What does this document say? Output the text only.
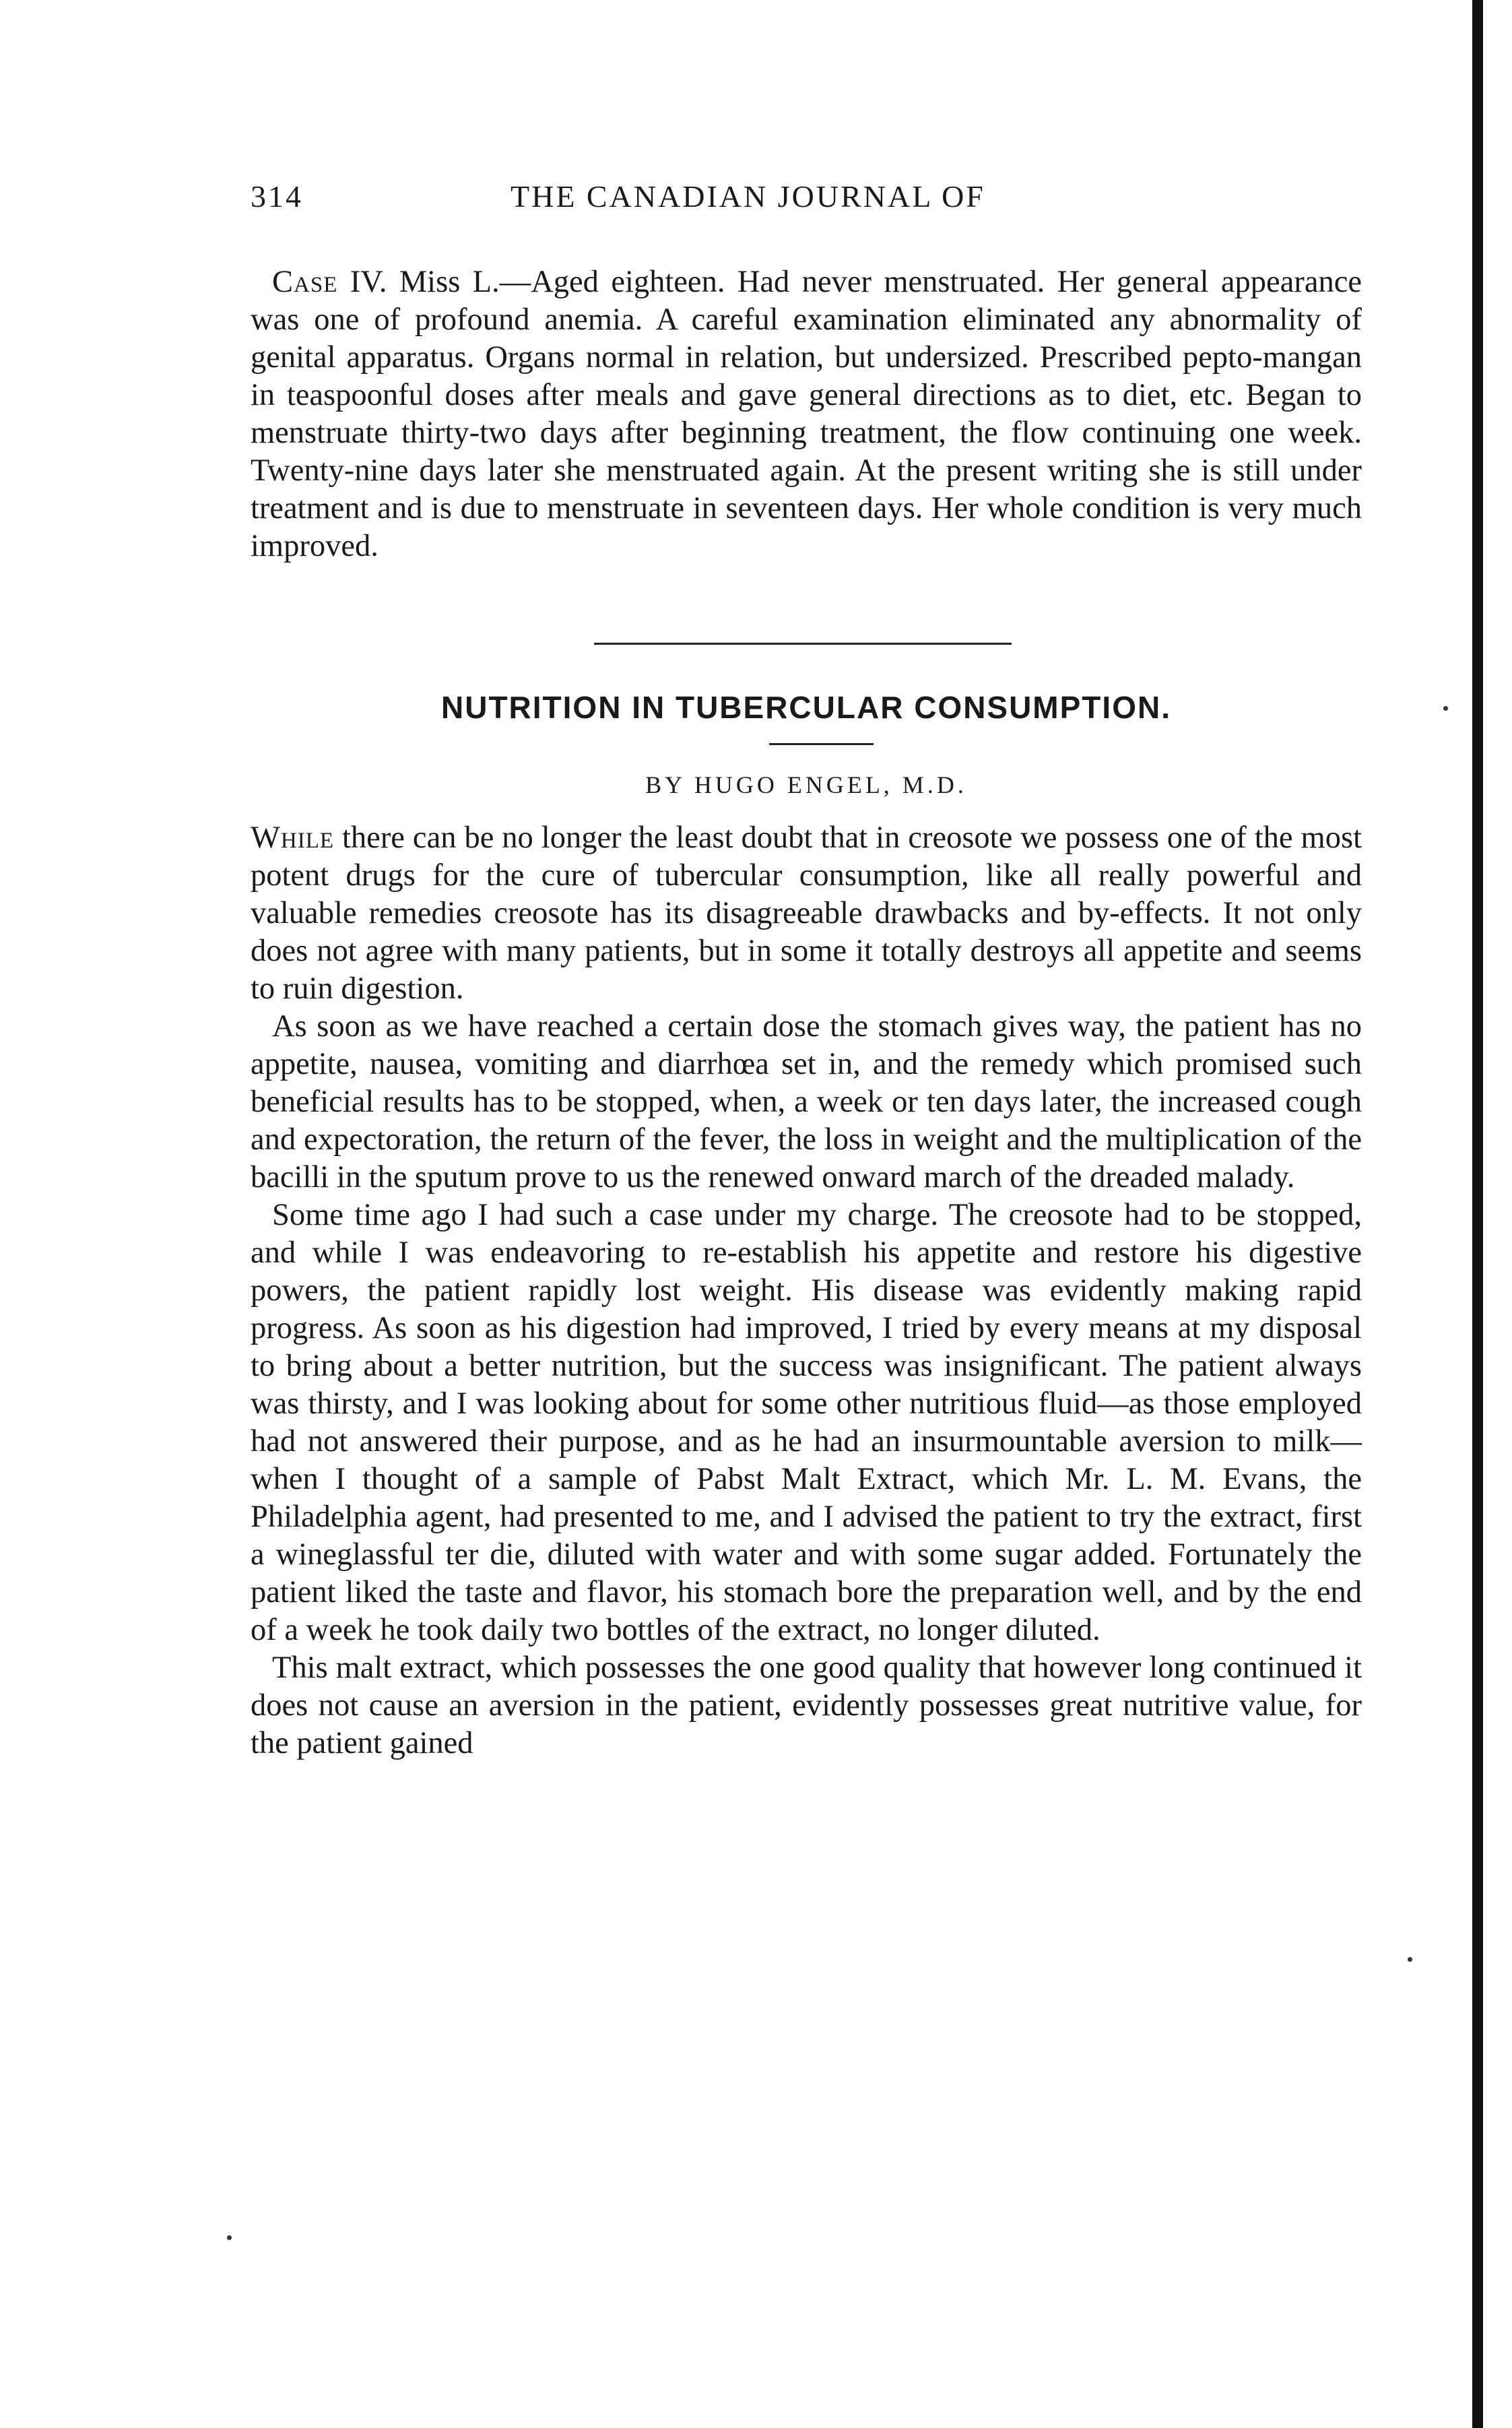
314	THE CANADIAN JOURNAL OF

Case IV. Miss L.—Aged eighteen. Had never menstruated. Her general appearance was one of profound anemia. A careful examination eliminated any abnormality of genital apparatus. Organs normal in relation, but undersized. Prescribed pepto-mangan in teaspoonful doses after meals and gave general directions as to diet, etc. Began to menstruate thirty-two days after beginning treatment, the flow continuing one week. Twenty-nine days later she menstruated again. At the present writing she is still under treatment and is due to menstruate in seventeen days. Her whole condition is very much improved.

NUTRITION IN TUBERCULAR CONSUMPTION.
BY HUGO ENGEL, M.D.

While there can be no longer the least doubt that in creosote we possess one of the most potent drugs for the cure of tubercular consumption, like all really powerful and valuable remedies creosote has its disagreeable drawbacks and by-effects. It not only does not agree with many patients, but in some it totally destroys all appetite and seems to ruin digestion.

As soon as we have reached a certain dose the stomach gives way, the patient has no appetite, nausea, vomiting and diarrhœa set in, and the remedy which promised such beneficial results has to be stopped, when, a week or ten days later, the increased cough and expectoration, the return of the fever, the loss in weight and the multiplication of the bacilli in the sputum prove to us the renewed onward march of the dreaded malady.

Some time ago I had such a case under my charge. The creosote had to be stopped, and while I was endeavoring to re-establish his appetite and restore his digestive powers, the patient rapidly lost weight. His disease was evidently making rapid progress. As soon as his digestion had improved, I tried by every means at my disposal to bring about a better nutrition, but the success was insignificant. The patient always was thirsty, and I was looking about for some other nutritious fluid—as those employed had not answered their purpose, and as he had an insurmountable aversion to milk—when I thought of a sample of Pabst Malt Extract, which Mr. L. M. Evans, the Philadelphia agent, had presented to me, and I advised the patient to try the extract, first a wineglassful ter die, diluted with water and with some sugar added. Fortunately the patient liked the taste and flavor, his stomach bore the preparation well, and by the end of a week he took daily two bottles of the extract, no longer diluted.

This malt extract, which possesses the one good quality that however long continued it does not cause an aversion in the patient, evidently possesses great nutritive value, for the patient gained
